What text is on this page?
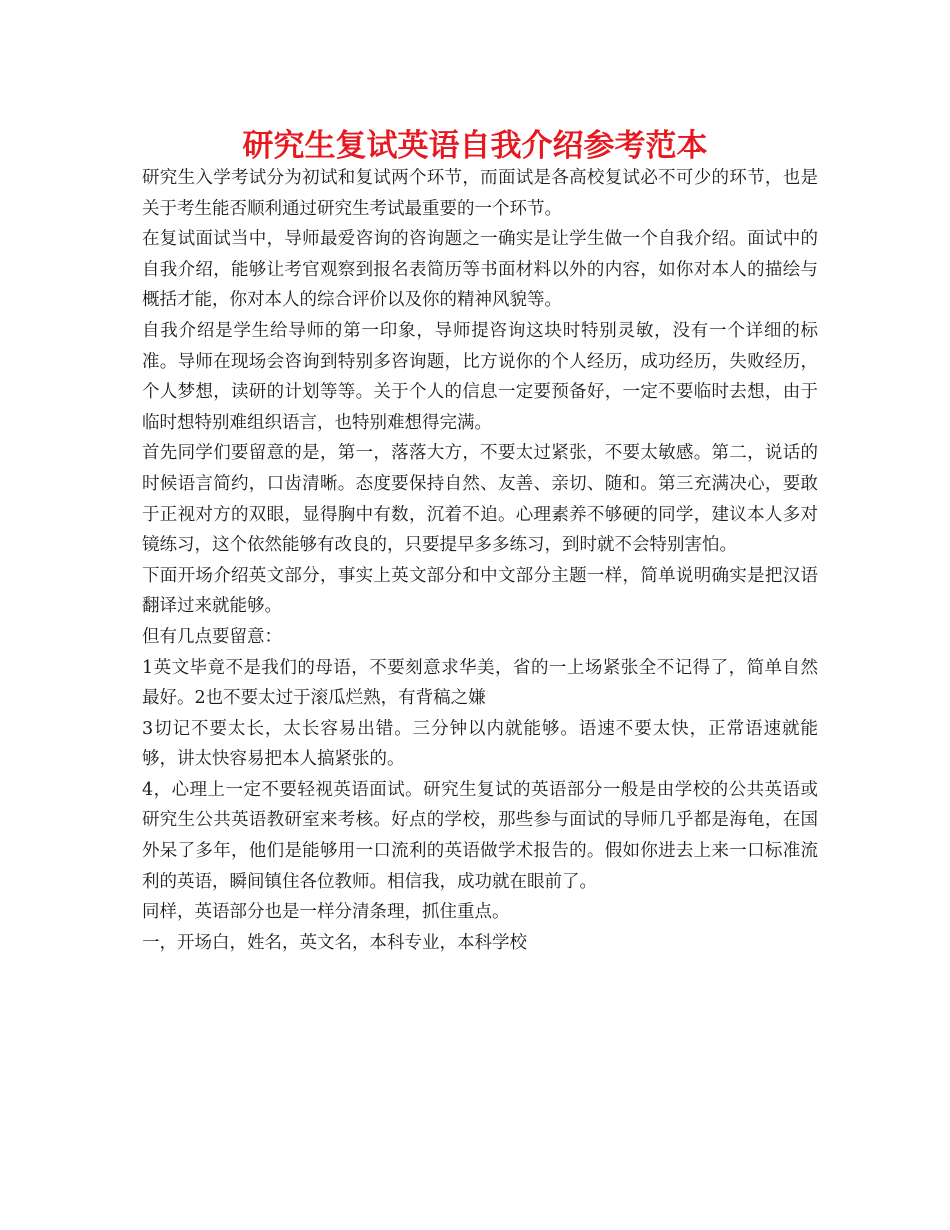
研究生复试英语自我介绍参考范本

研究生入学考试分为初试和复试两个环节，而面试是各高校复试必不可少的环节，也是关于考生能否顺利通过研究生考试最重要的一个环节。

在复试面试当中，导师最爱咨询的咨询题之一确实是让学生做一个自我介绍。面试中的自我介绍，能够让考官观察到报名表简历等书面材料以外的内容，如你对本人的描绘与概括才能，你对本人的综合评价以及你的精神风貌等。

自我介绍是学生给导师的第一印象，导师提咨询这块时特别灵敏，没有一个详细的标准。导师在现场会咨询到特别多咨询题，比方说你的个人经历，成功经历，失败经历，个人梦想，读研的计划等等。关于个人的信息一定要预备好，一定不要临时去想，由于临时想特别难组织语言，也特别难想得完满。

首先同学们要留意的是，第一，落落大方，不要太过紧张，不要太敏感。第二，说话的时候语言简约，口齿清晰。态度要保持自然、友善、亲切、随和。第三充满决心，要敢于正视对方的双眼，显得胸中有数，沉着不迫。心理素养不够硬的同学，建议本人多对镜练习，这个依然能够有改良的，只要提早多多练习，到时就不会特别害怕。

下面开场介绍英文部分，事实上英文部分和中文部分主题一样，简单说明确实是把汉语翻译过来就能够。

但有几点要留意：

1英文毕竟不是我们的母语，不要刻意求华美，省的一上场紧张全不记得了，简单自然最好。2也不要太过于滚瓜烂熟，有背稿之嫌

3切记不要太长，太长容易出错。三分钟以内就能够。语速不要太快，正常语速就能够，讲太快容易把本人搞紧张的。

4，心理上一定不要轻视英语面试。研究生复试的英语部分一般是由学校的公共英语或研究生公共英语教研室来考核。好点的学校，那些参与面试的导师几乎都是海龟，在国外呆了多年，他们是能够用一口流利的英语做学术报告的。假如你进去上来一口标准流利的英语，瞬间镇住各位教师。相信我，成功就在眼前了。

同样，英语部分也是一样分清条理，抓住重点。

一，开场白，姓名，英文名，本科专业，本科学校
